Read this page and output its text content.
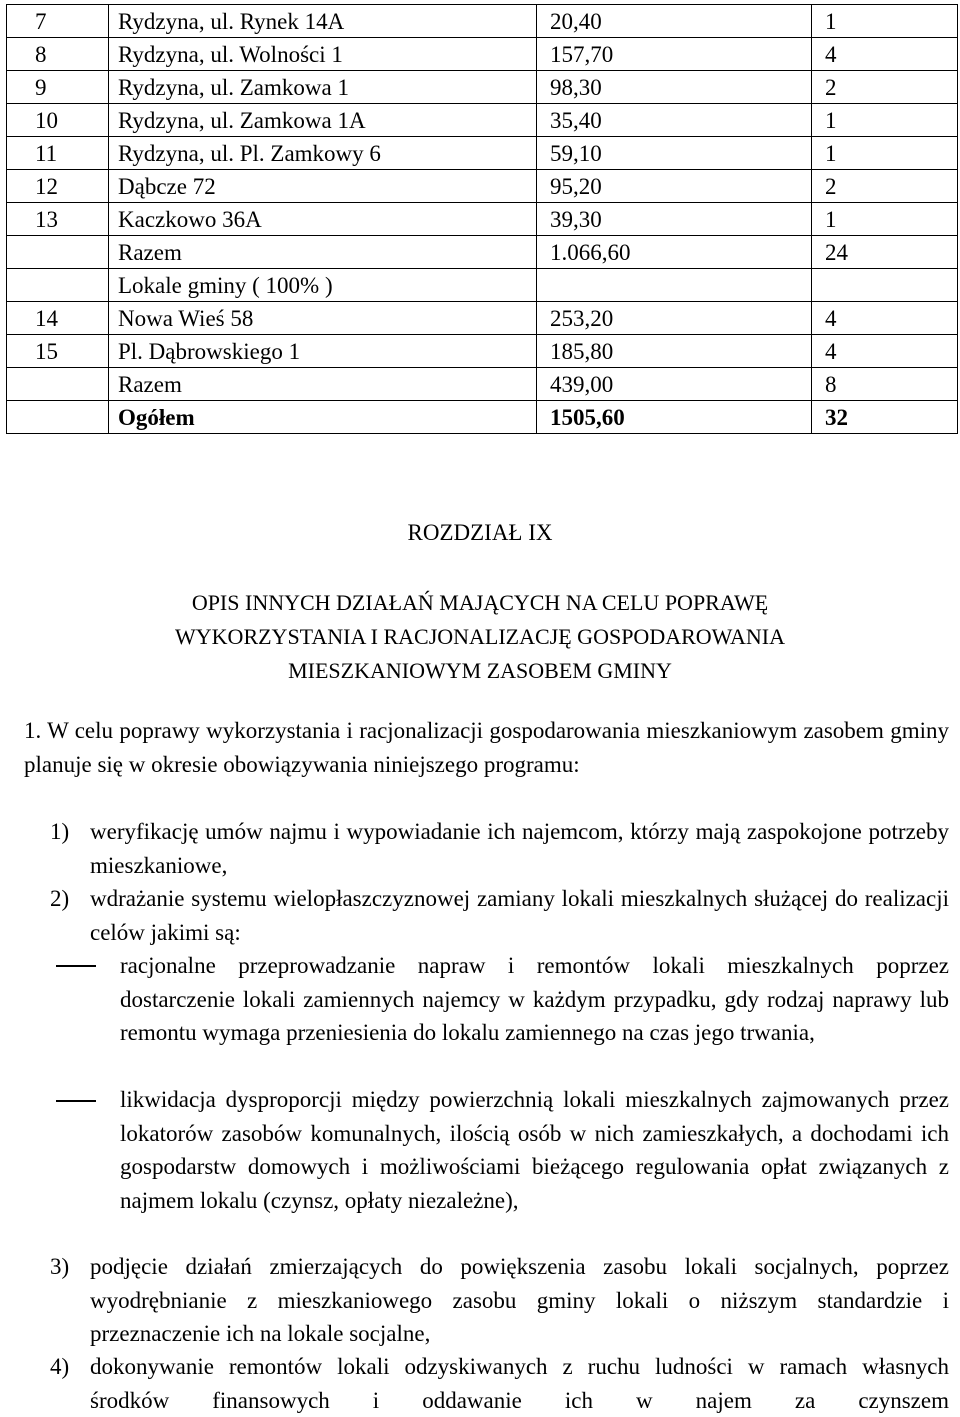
7	Rydzyna, ul. Rynek 14A	20,40	1
8	Rydzyna, ul. Wolności 1	157,70	4
9	Rydzyna, ul. Zamkowa 1	98,30	2
10	Rydzyna, ul. Zamkowa 1A	35,40	1
11	Rydzyna, ul. Pl. Zamkowy 6	59,10	1
12	Dąbcze 72	95,20	2
13	Kaczkowo 36A	39,30	1
	Razem	1.066,60	24
	Lokale gminy ( 100% )		
14	Nowa Wieś 58	253,20	4
15	Pl. Dąbrowskiego 1	185,80	4
	Razem	439,00	8
	Ogółem	1505,60	32
ROZDZIAŁ IX
OPIS INNYCH DZIAŁAŃ MAJĄCYCH NA CELU POPRAWĘ
WYKORZYSTANIA I RACJONALIZACJĘ GOSPODAROWANIA
MIESZKANIOWYM ZASOBEM GMINY
1. W celu poprawy wykorzystania i racjonalizacji gospodarowania mieszkaniowym zasobem gminy planuje się w okresie obowiązywania niniejszego programu:
1) weryfikację umów najmu i wypowiadanie ich najemcom, którzy mają zaspokojone potrzeby mieszkaniowe,
2) wdrażanie systemu wielopłaszczyznowej zamiany lokali mieszkalnych służącej do realizacji celów jakimi są:
racjonalne przeprowadzanie napraw i remontów lokali mieszkalnych poprzez dostarczenie lokali zamiennych najemcy w każdym przypadku, gdy rodzaj naprawy lub remontu wymaga przeniesienia do lokalu zamiennego na czas jego trwania,
likwidacja dysproporcji między powierzchnią lokali mieszkalnych zajmowanych przez lokatorów zasobów komunalnych, ilością osób w nich zamieszkałych, a dochodami ich gospodarstw domowych i możliwościami bieżącego regulowania opłat związanych z najmem lokalu (czynsz, opłaty niezależne),
3) podjęcie działań zmierzających do powiększenia zasobu lokali socjalnych, poprzez wyodrębnianie z mieszkaniowego zasobu gminy lokali o niższym standardzie i przeznaczenie ich na lokale socjalne,
4) dokonywanie remontów lokali odzyskiwanych z ruchu ludności w ramach własnych środków finansowych i oddawanie ich w najem za czynszem
